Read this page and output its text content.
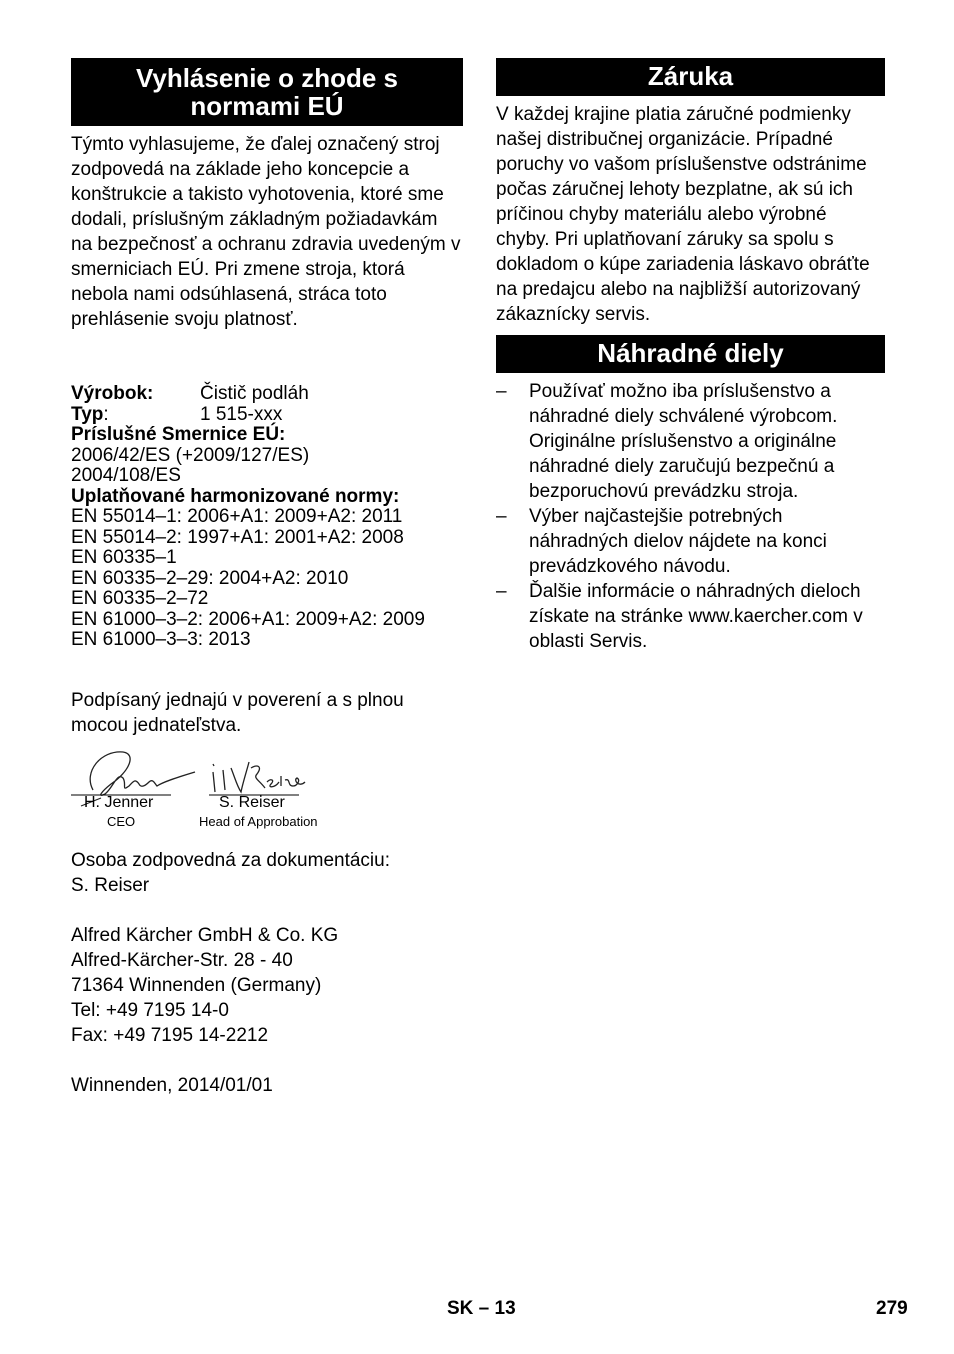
Vyhlásenie o zhode s normami EÚ

Týmto vyhlasujeme, že ďalej označený stroj zodpovedá na základe jeho koncepcie a konštrukcie a takisto vyhotovenia, ktoré sme dodali, príslušným základným požiadavkám na bezpečnosť a ochranu zdravia uvedeným v smerniciach EÚ. Pri zmene stroja, ktorá nebola nami odsúhlasená, stráca toto prehlásenie svoju platnosť.

Výrobok:	Čistič podláh
Typ:	1 515-xxx
Príslušné Smernice EÚ:
2006/42/ES (+2009/127/ES)
2004/108/ES
Uplatňované harmonizované normy:
EN 55014–1: 2006+A1: 2009+A2: 2011
EN 55014–2: 1997+A1: 2001+A2: 2008
EN 60335–1
EN 60335–2–29: 2004+A2: 2010
EN 60335–2–72
EN 61000–3–2: 2006+A1: 2009+A2: 2009
EN 61000–3–3: 2013

Podpísaný jednajú v poverení a s plnou mocou jednateľstva.

H. Jenner
CEO
S. Reiser
Head of Approbation

Osoba zodpovedná za dokumentáciu:

S. Reiser

Alfred Kärcher GmbH & Co. KG

Alfred-Kärcher-Str. 28 - 40

71364 Winnenden (Germany)

Tel: +49 7195 14-0

Fax: +49 7195 14-2212

Winnenden, 2014/01/01

Záruka

V každej krajine platia záručné podmienky našej distribučnej organizácie. Prípadné poruchy vo vašom príslušenstve odstránime počas záručnej lehoty bezplatne, ak sú ich príčinou chyby materiálu alebo výrobné chyby. Pri uplatňovaní záruky sa spolu s dokladom o kúpe zariadenia láskavo obráťte na predajcu alebo na najbližší autorizovaný zákaznícky servis.

Náhradné diely
– Používať možno iba príslušenstvo a náhradné diely schválené výrobcom. Originálne príslušenstvo a originálne náhradné diely zaručujú bezpečnú a bezporuchovú prevádzku stroja.
– Výber najčastejšie potrebných náhradných dielov nájdete na konci prevádzkového návodu.
– Ďalšie informácie o náhradných dieloch získate na stránke www.kaercher.com v oblasti Servis.
SK – 13	279
